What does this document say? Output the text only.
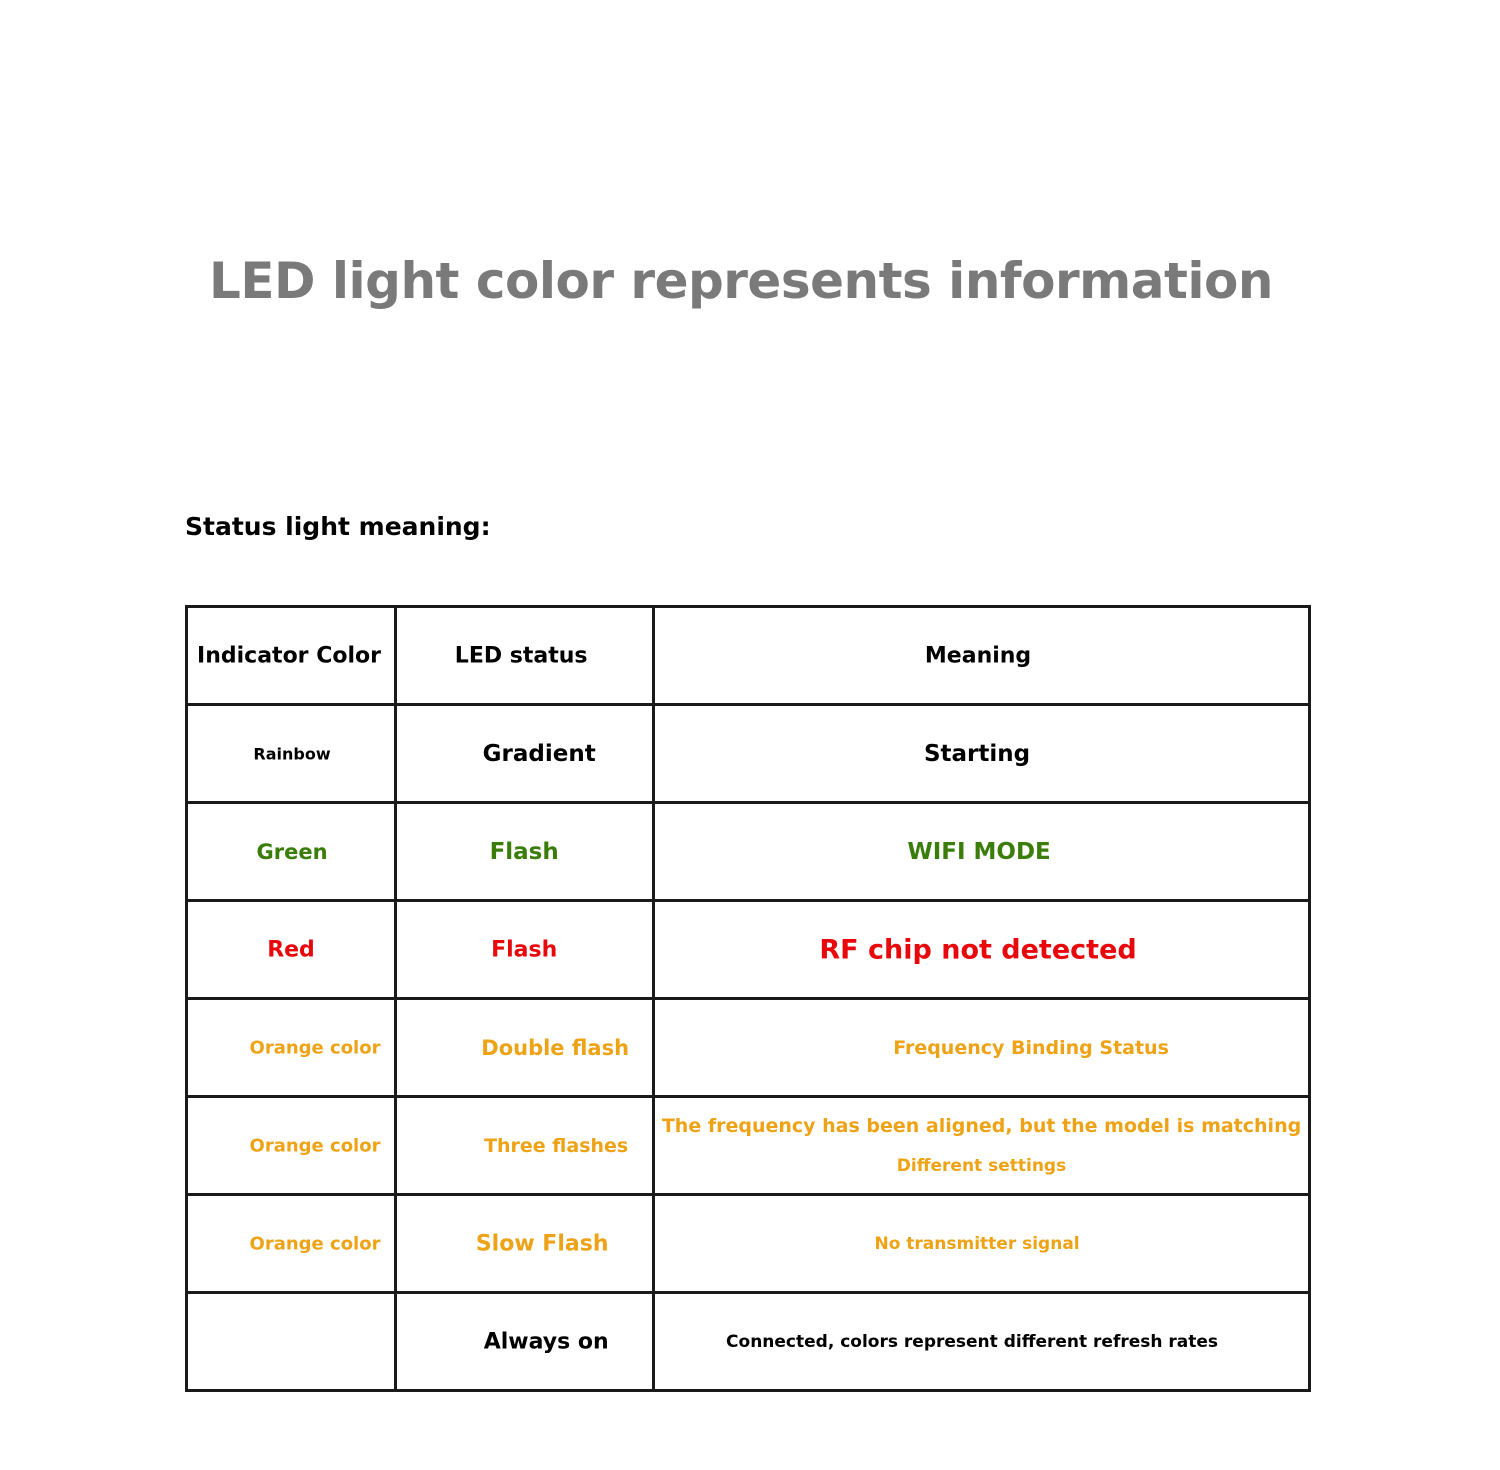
LED light color represents information
Status light meaning:
Indicator Color	LED status	Meaning

Rainbow	Gradient	Starting

Green	Flash	WIFI MODE

Red	Flash	RF chip not detected

Orange color	Double flash	Frequency Binding Status

Orange color	Three flashes	The frequency has been aligned, but the model is matching
Different settings

Orange color	Slow Flash	No transmitter signal

	Always on	Connected, colors represent different refresh rates
